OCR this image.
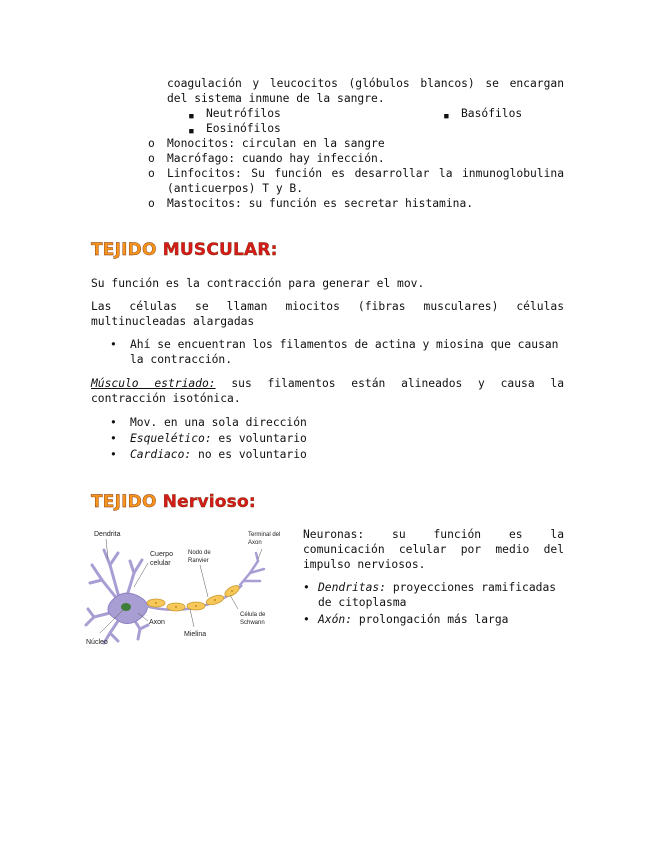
coagulación y leucocitos (glóbulos blancos) se encargan del sistema inmune de la sangre.
▪ Neutrófilos
▪ Eosinófilos
▪ Basófilos
o Monocitos: circulan en la sangre
o Macrófago: cuando hay infección.
o Linfocitos: Su función es desarrollar la inmunoglobulina (anticuerpos) T y B.
o Mastocitos: su función es secretar histamina.
TEJIDO MUSCULAR:
Su función es la contracción para generar el mov.
Las células se llaman miocitos (fibras musculares) células multinucleadas alargadas
• Ahí se encuentran los filamentos de actina y miosina que causan la contracción.
Músculo estriado: sus filamentos están alineados y causa la contracción isotónica.
• Mov. en una sola dirección
• Esquelético: es voluntario
• Cardiaco: no es voluntario
TEJIDO Nervioso:
Dendrita
Cuerpo celular
Nodo de Ranvier
Terminal del Axon
Axon
Núcleo
Mielina
Célula de Schwann
Neuronas: su función es la comunicación celular por medio del impulso nerviosos.
• Dendritas: proyecciones ramificadas de citoplasma
• Axón: prolongación más larga
